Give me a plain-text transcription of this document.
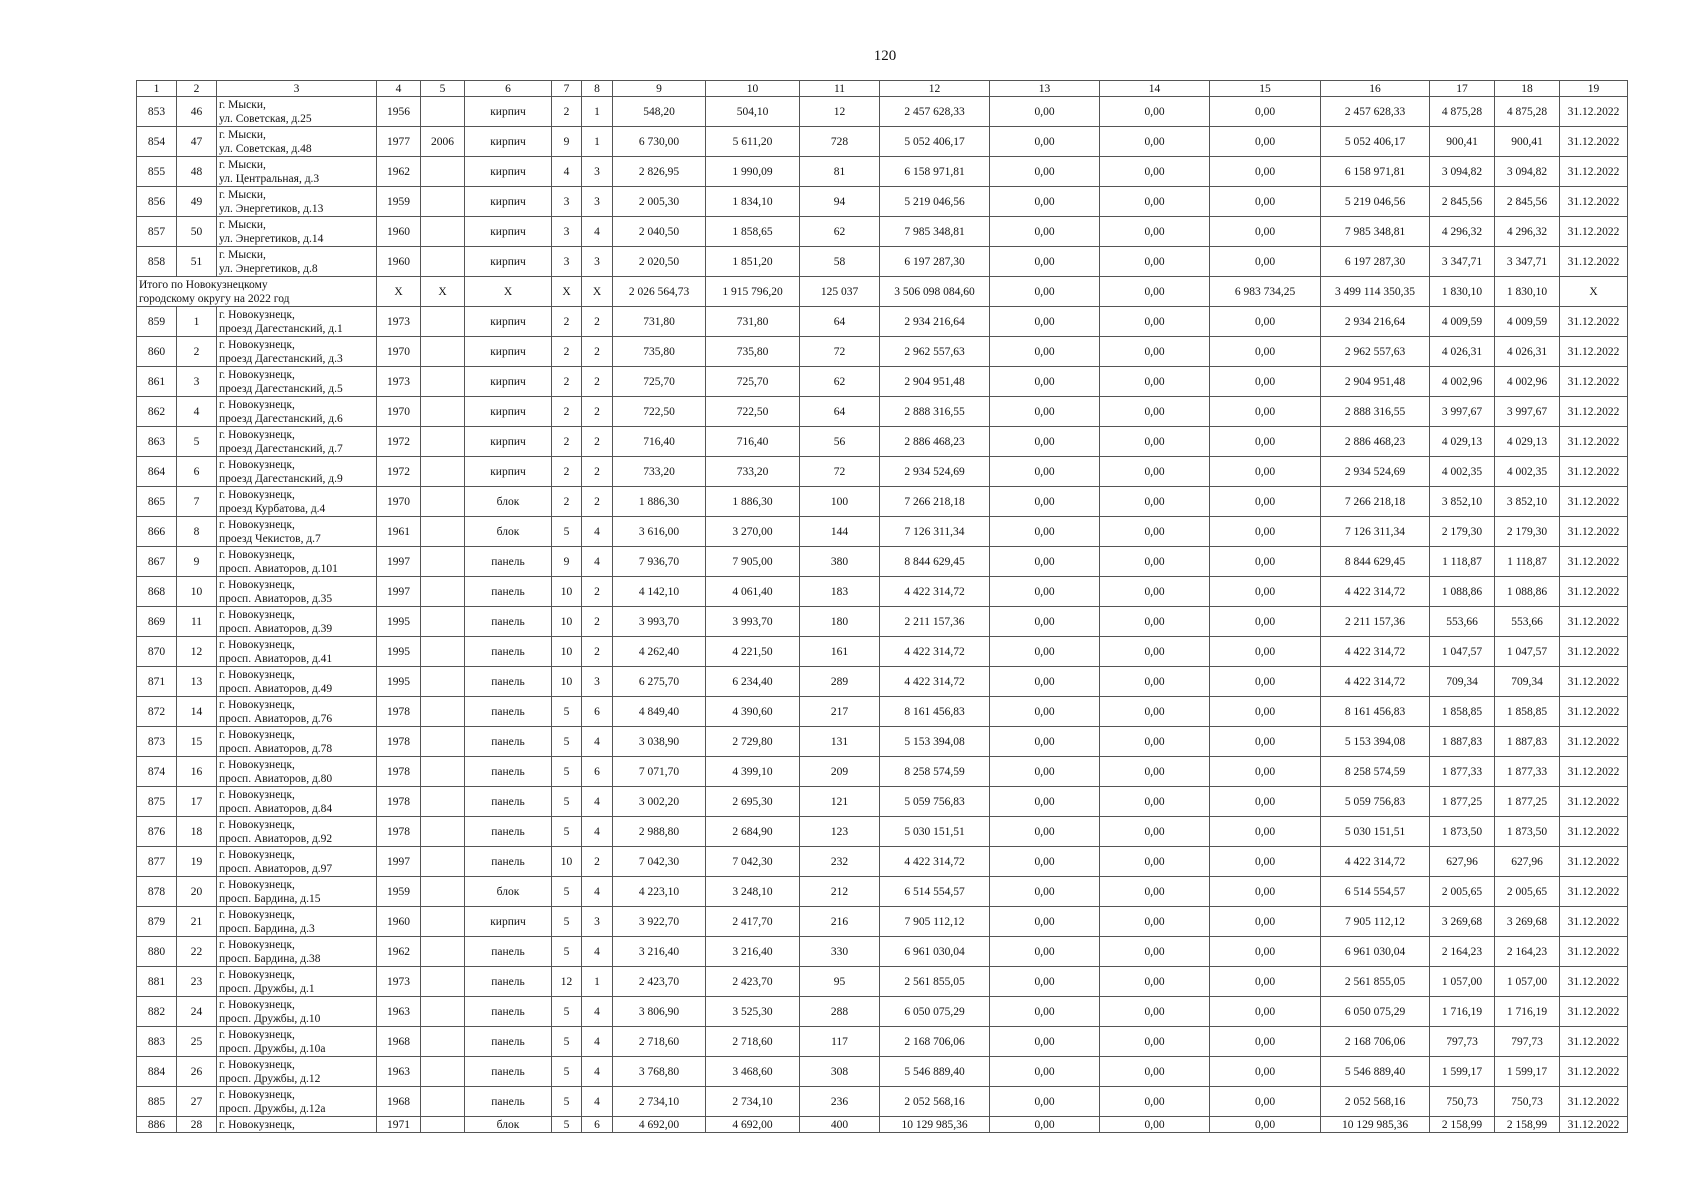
120
1	2	3	4	5	6	7	8	9	10	11	12	13	14	15	16	17	18	19
853	46	г. Мыски,
ул. Советская, д.25	1956		кирпич	2	1	548,20	504,10	12	2 457 628,33	0,00	0,00	0,00	2 457 628,33	4 875,28	4 875,28	31.12.2022
854	47	г. Мыски,
ул. Советская, д.48	1977	2006	кирпич	9	1	6 730,00	5 611,20	728	5 052 406,17	0,00	0,00	0,00	5 052 406,17	900,41	900,41	31.12.2022
855	48	г. Мыски,
ул. Центральная, д.3	1962		кирпич	4	3	2 826,95	1 990,09	81	6 158 971,81	0,00	0,00	0,00	6 158 971,81	3 094,82	3 094,82	31.12.2022
856	49	г. Мыски,
ул. Энергетиков, д.13	1959		кирпич	3	3	2 005,30	1 834,10	94	5 219 046,56	0,00	0,00	0,00	5 219 046,56	2 845,56	2 845,56	31.12.2022
857	50	г. Мыски,
ул. Энергетиков, д.14	1960		кирпич	3	4	2 040,50	1 858,65	62	7 985 348,81	0,00	0,00	0,00	7 985 348,81	4 296,32	4 296,32	31.12.2022
858	51	г. Мыски,
ул. Энергетиков, д.8	1960		кирпич	3	3	2 020,50	1 851,20	58	6 197 287,30	0,00	0,00	0,00	6 197 287,30	3 347,71	3 347,71	31.12.2022

Итого по Новокузнецкому
городскому округу на 2022 год			X	X	X	X	X	2 026 564,73	1 915 796,20	125 037	3 506 098 084,60	0,00	0,00	6 983 734,25	3 499 114 350,35	1 830,10	1 830,10	X
859	1	г. Новокузнецк,
проезд Дагестанский, д.1	1973		кирпич	2	2	731,80	731,80	64	2 934 216,64	0,00	0,00	0,00	2 934 216,64	4 009,59	4 009,59	31.12.2022
860	2	г. Новокузнецк,
проезд Дагестанский, д.3	1970		кирпич	2	2	735,80	735,80	72	2 962 557,63	0,00	0,00	0,00	2 962 557,63	4 026,31	4 026,31	31.12.2022
861	3	г. Новокузнецк,
проезд Дагестанский, д.5	1973		кирпич	2	2	725,70	725,70	62	2 904 951,48	0,00	0,00	0,00	2 904 951,48	4 002,96	4 002,96	31.12.2022
862	4	г. Новокузнецк,
проезд Дагестанский, д.6	1970		кирпич	2	2	722,50	722,50	64	2 888 316,55	0,00	0,00	0,00	2 888 316,55	3 997,67	3 997,67	31.12.2022
863	5	г. Новокузнецк,
проезд Дагестанский, д.7	1972		кирпич	2	2	716,40	716,40	56	2 886 468,23	0,00	0,00	0,00	2 886 468,23	4 029,13	4 029,13	31.12.2022
864	6	г. Новокузнецк,
проезд Дагестанский, д.9	1972		кирпич	2	2	733,20	733,20	72	2 934 524,69	0,00	0,00	0,00	2 934 524,69	4 002,35	4 002,35	31.12.2022
865	7	г. Новокузнецк,
проезд Курбатова, д.4	1970		блок	2	2	1 886,30	1 886,30	100	7 266 218,18	0,00	0,00	0,00	7 266 218,18	3 852,10	3 852,10	31.12.2022
866	8	г. Новокузнецк,
проезд Чекистов, д.7	1961		блок	5	4	3 616,00	3 270,00	144	7 126 311,34	0,00	0,00	0,00	7 126 311,34	2 179,30	2 179,30	31.12.2022
867	9	г. Новокузнецк,
просп. Авиаторов, д.101	1997		панель	9	4	7 936,70	7 905,00	380	8 844 629,45	0,00	0,00	0,00	8 844 629,45	1 118,87	1 118,87	31.12.2022
868	10	г. Новокузнецк,
просп. Авиаторов, д.35	1997		панель	10	2	4 142,10	4 061,40	183	4 422 314,72	0,00	0,00	0,00	4 422 314,72	1 088,86	1 088,86	31.12.2022
869	11	г. Новокузнецк,
просп. Авиаторов, д.39	1995		панель	10	2	3 993,70	3 993,70	180	2 211 157,36	0,00	0,00	0,00	2 211 157,36	553,66	553,66	31.12.2022
870	12	г. Новокузнецк,
просп. Авиаторов, д.41	1995		панель	10	2	4 262,40	4 221,50	161	4 422 314,72	0,00	0,00	0,00	4 422 314,72	1 047,57	1 047,57	31.12.2022
871	13	г. Новокузнецк,
просп. Авиаторов, д.49	1995		панель	10	3	6 275,70	6 234,40	289	4 422 314,72	0,00	0,00	0,00	4 422 314,72	709,34	709,34	31.12.2022
872	14	г. Новокузнецк,
просп. Авиаторов, д.76	1978		панель	5	6	4 849,40	4 390,60	217	8 161 456,83	0,00	0,00	0,00	8 161 456,83	1 858,85	1 858,85	31.12.2022
873	15	г. Новокузнецк,
просп. Авиаторов, д.78	1978		панель	5	4	3 038,90	2 729,80	131	5 153 394,08	0,00	0,00	0,00	5 153 394,08	1 887,83	1 887,83	31.12.2022
874	16	г. Новокузнецк,
просп. Авиаторов, д.80	1978		панель	5	6	7 071,70	4 399,10	209	8 258 574,59	0,00	0,00	0,00	8 258 574,59	1 877,33	1 877,33	31.12.2022
875	17	г. Новокузнецк,
просп. Авиаторов, д.84	1978		панель	5	4	3 002,20	2 695,30	121	5 059 756,83	0,00	0,00	0,00	5 059 756,83	1 877,25	1 877,25	31.12.2022
876	18	г. Новокузнецк,
просп. Авиаторов, д.92	1978		панель	5	4	2 988,80	2 684,90	123	5 030 151,51	0,00	0,00	0,00	5 030 151,51	1 873,50	1 873,50	31.12.2022
877	19	г. Новокузнецк,
просп. Авиаторов, д.97	1997		панель	10	2	7 042,30	7 042,30	232	4 422 314,72	0,00	0,00	0,00	4 422 314,72	627,96	627,96	31.12.2022
878	20	г. Новокузнецк,
просп. Бардина, д.15	1959		блок	5	4	4 223,10	3 248,10	212	6 514 554,57	0,00	0,00	0,00	6 514 554,57	2 005,65	2 005,65	31.12.2022
879	21	г. Новокузнецк,
просп. Бардина, д.3	1960		кирпич	5	3	3 922,70	2 417,70	216	7 905 112,12	0,00	0,00	0,00	7 905 112,12	3 269,68	3 269,68	31.12.2022
880	22	г. Новокузнецк,
просп. Бардина, д.38	1962		панель	5	4	3 216,40	3 216,40	330	6 961 030,04	0,00	0,00	0,00	6 961 030,04	2 164,23	2 164,23	31.12.2022
881	23	г. Новокузнецк,
просп. Дружбы, д.1	1973		панель	12	1	2 423,70	2 423,70	95	2 561 855,05	0,00	0,00	0,00	2 561 855,05	1 057,00	1 057,00	31.12.2022
882	24	г. Новокузнецк,
просп. Дружбы, д.10	1963		панель	5	4	3 806,90	3 525,30	288	6 050 075,29	0,00	0,00	0,00	6 050 075,29	1 716,19	1 716,19	31.12.2022
883	25	г. Новокузнецк,
просп. Дружбы, д.10а	1968		панель	5	4	2 718,60	2 718,60	117	2 168 706,06	0,00	0,00	0,00	2 168 706,06	797,73	797,73	31.12.2022
884	26	г. Новокузнецк,
просп. Дружбы, д.12	1963		панель	5	4	3 768,80	3 468,60	308	5 546 889,40	0,00	0,00	0,00	5 546 889,40	1 599,17	1 599,17	31.12.2022
885	27	г. Новокузнецк,
просп. Дружбы, д.12а	1968		панель	5	4	2 734,10	2 734,10	236	2 052 568,16	0,00	0,00	0,00	2 052 568,16	750,73	750,73	31.12.2022
886	28	г. Новокузнецк,	1971		блок	5	6	4 692,00	4 692,00	400	10 129 985,36	0,00	0,00	0,00	10 129 985,36	2 158,99	2 158,99	31.12.2022
